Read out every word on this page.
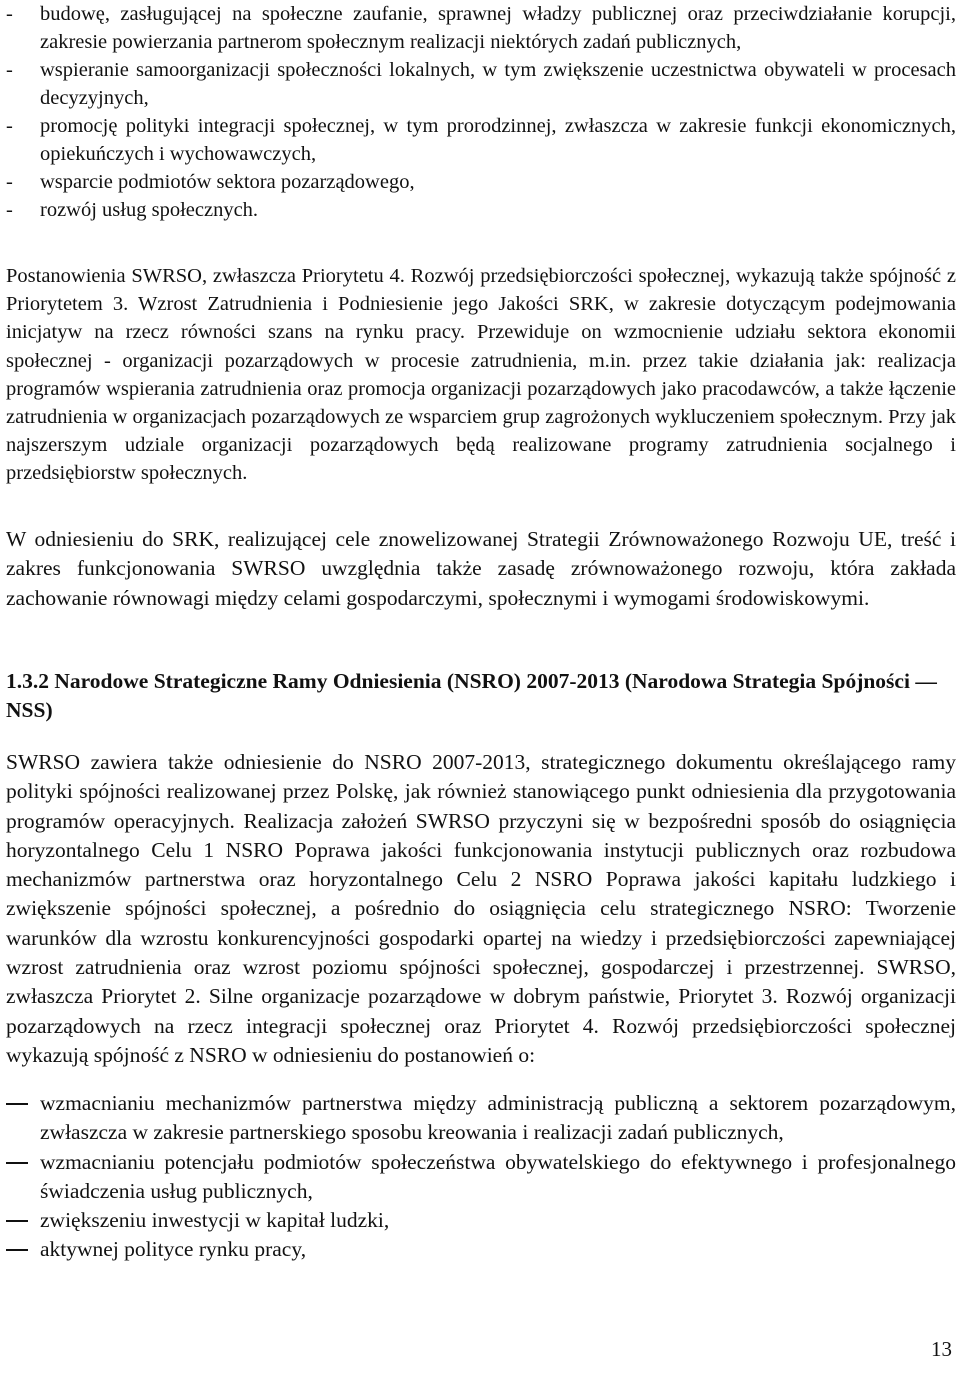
-	budowę, zasługującej na społeczne zaufanie, sprawnej władzy publicznej oraz przeciwdziałanie korupcji, zakresie powierzania partnerom społecznym realizacji niektórych zadań publicznych,
-	wspieranie samoorganizacji społeczności lokalnych, w tym zwiększenie uczestnictwa obywateli w procesach decyzyjnych,
-	promocję polityki integracji społecznej, w tym prorodzinnej, zwłaszcza w zakresie funkcji ekonomicznych, opiekuńczych i wychowawczych,
-	wsparcie podmiotów sektora pozarządowego,
-	rozwój usług społecznych.

Postanowienia SWRSO, zwłaszcza Priorytetu 4. Rozwój przedsiębiorczości społecznej, wykazują także spójność z Priorytetem 3. Wzrost Zatrudnienia i Podniesienie jego Jakości SRK, w zakresie dotyczącym podejmowania inicjatyw na rzecz równości szans na rynku pracy. Przewiduje on wzmocnienie udziału sektora ekonomii społecznej - organizacji pozarządowych w procesie zatrudnienia, m.in. przez takie działania jak: realizacja programów wspierania zatrudnienia oraz promocja organizacji pozarządowych jako pracodawców, a także łączenie zatrudnienia w organizacjach pozarządowych ze wsparciem grup zagrożonych wykluczeniem społecznym. Przy jak najszerszym udziale organizacji pozarządowych będą realizowane programy zatrudnienia socjalnego i przedsiębiorstw społecznych.

W odniesieniu do SRK, realizującej cele znowelizowanej Strategii Zrównoważonego Rozwoju UE, treść i zakres funkcjonowania SWRSO uwzględnia także zasadę zrównoważonego rozwoju, która zakłada zachowanie równowagi między celami gospodarczymi, społecznymi i wymogami środowiskowymi.

1.3.2 Narodowe Strategiczne Ramy Odniesienia (NSRO) 2007-2013 (Narodowa Strategia Spójności — NSS)

SWRSO zawiera także odniesienie do NSRO 2007-2013, strategicznego dokumentu określającego ramy polityki spójności realizowanej przez Polskę, jak również stanowiącego punkt odniesienia dla przygotowania programów operacyjnych. Realizacja założeń SWRSO przyczyni się w bezpośredni sposób do osiągnięcia horyzontalnego Celu 1 NSRO Poprawa jakości funkcjonowania instytucji publicznych oraz rozbudowa mechanizmów partnerstwa oraz horyzontalnego Celu 2 NSRO Poprawa jakości kapitału ludzkiego i zwiększenie spójności społecznej, a pośrednio do osiągnięcia celu strategicznego NSRO: Tworzenie warunków dla wzrostu konkurencyjności gospodarki opartej na wiedzy i przedsiębiorczości zapewniającej wzrost zatrudnienia oraz wzrost poziomu spójności społecznej, gospodarczej i przestrzennej. SWRSO, zwłaszcza Priorytet 2. Silne organizacje pozarządowe w dobrym państwie, Priorytet 3. Rozwój organizacji pozarządowych na rzecz integracji społecznej oraz Priorytet 4. Rozwój przedsiębiorczości społecznej wykazują spójność z NSRO w odniesieniu do postanowień o:

wzmacnianiu mechanizmów partnerstwa między administracją publiczną a sektorem pozarządowym, zwłaszcza w zakresie partnerskiego sposobu kreowania i realizacji zadań publicznych,
wzmacnianiu potencjału podmiotów społeczeństwa obywatelskiego do efektywnego i profesjonalnego świadczenia usług publicznych,
zwiększeniu inwestycji w kapitał ludzki,
aktywnej polityce rynku pracy,
13
